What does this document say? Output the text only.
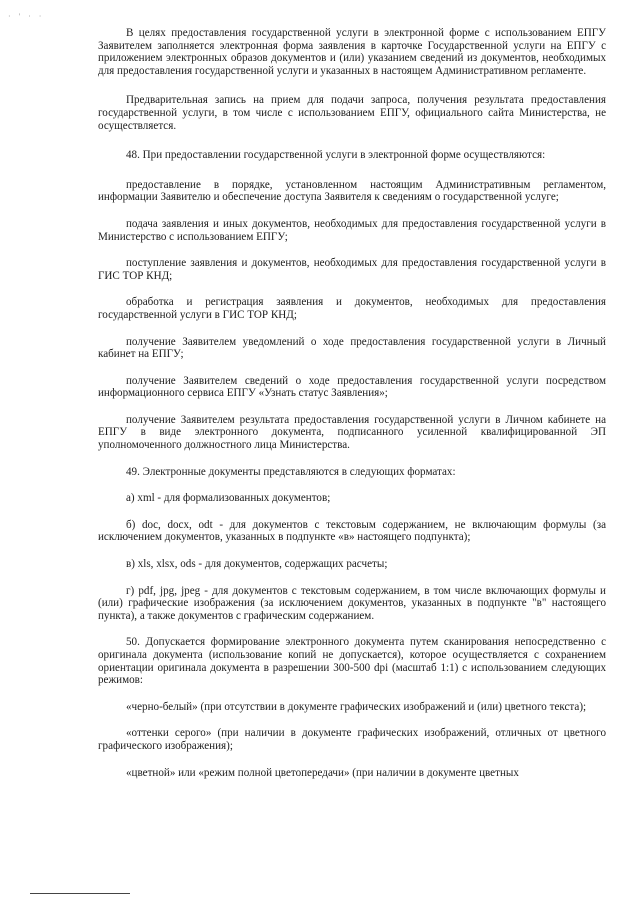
· ' · ·

В целях предоставления государственной услуги в электронной форме с использованием ЕПГУ Заявителем заполняется электронная форма заявления в карточке Государственной услуги на ЕПГУ с приложением электронных образов документов и (или) указанием сведений из документов, необходимых для предоставления государственной услуги и указанных в настоящем Административном регламенте.

Предварительная запись на прием для подачи запроса, получения результата предоставления государственной услуги, в том числе с использованием ЕПГУ, официального сайта Министерства, не осуществляется.

48. При предоставлении государственной услуги в электронной форме осуществляются:

предоставление в порядке, установленном настоящим Административным регламентом, информации Заявителю и обеспечение доступа Заявителя к сведениям о государственной услуге;

подача заявления и иных документов, необходимых для предоставления государственной услуги в Министерство с использованием ЕПГУ;

поступление заявления и документов, необходимых для предоставления государственной услуги в ГИС ТОР КНД;

обработка и регистрация заявления и документов, необходимых для предоставления государственной услуги в ГИС ТОР КНД;

получение Заявителем уведомлений о ходе предоставления государственной услуги в Личный кабинет на ЕПГУ;

получение Заявителем сведений о ходе предоставления государственной услуги посредством информационного сервиса ЕПГУ «Узнать статус Заявления»;

получение Заявителем результата предоставления государственной услуги в Личном кабинете на ЕПГУ в виде электронного документа, подписанного усиленной квалифицированной ЭП уполномоченного должностного лица Министерства.

49. Электронные документы представляются в следующих форматах:

а) xml - для формализованных документов;

б) doc, docx, odt - для документов с текстовым содержанием, не включающим формулы (за исключением документов, указанных в подпункте «в» настоящего подпункта);

в) xls, xlsx, ods - для документов, содержащих расчеты;

г) pdf, jpg, jpeg - для документов с текстовым содержанием, в том числе включающих формулы и (или) графические изображения (за исключением документов, указанных в подпункте "в" настоящего пункта), а также документов с графическим содержанием.

50. Допускается формирование электронного документа путем сканирования непосредственно с оригинала документа (использование копий не допускается), которое осуществляется с сохранением ориентации оригинала документа в разрешении 300-500 dpi (масштаб 1:1) с использованием следующих режимов:

«черно-белый» (при отсутствии в документе графических изображений и (или) цветного текста);

«оттенки серого» (при наличии в документе графических изображений, отличных от цветного графического изображения);

«цветной» или «режим полной цветопередачи» (при наличии в документе цветных
